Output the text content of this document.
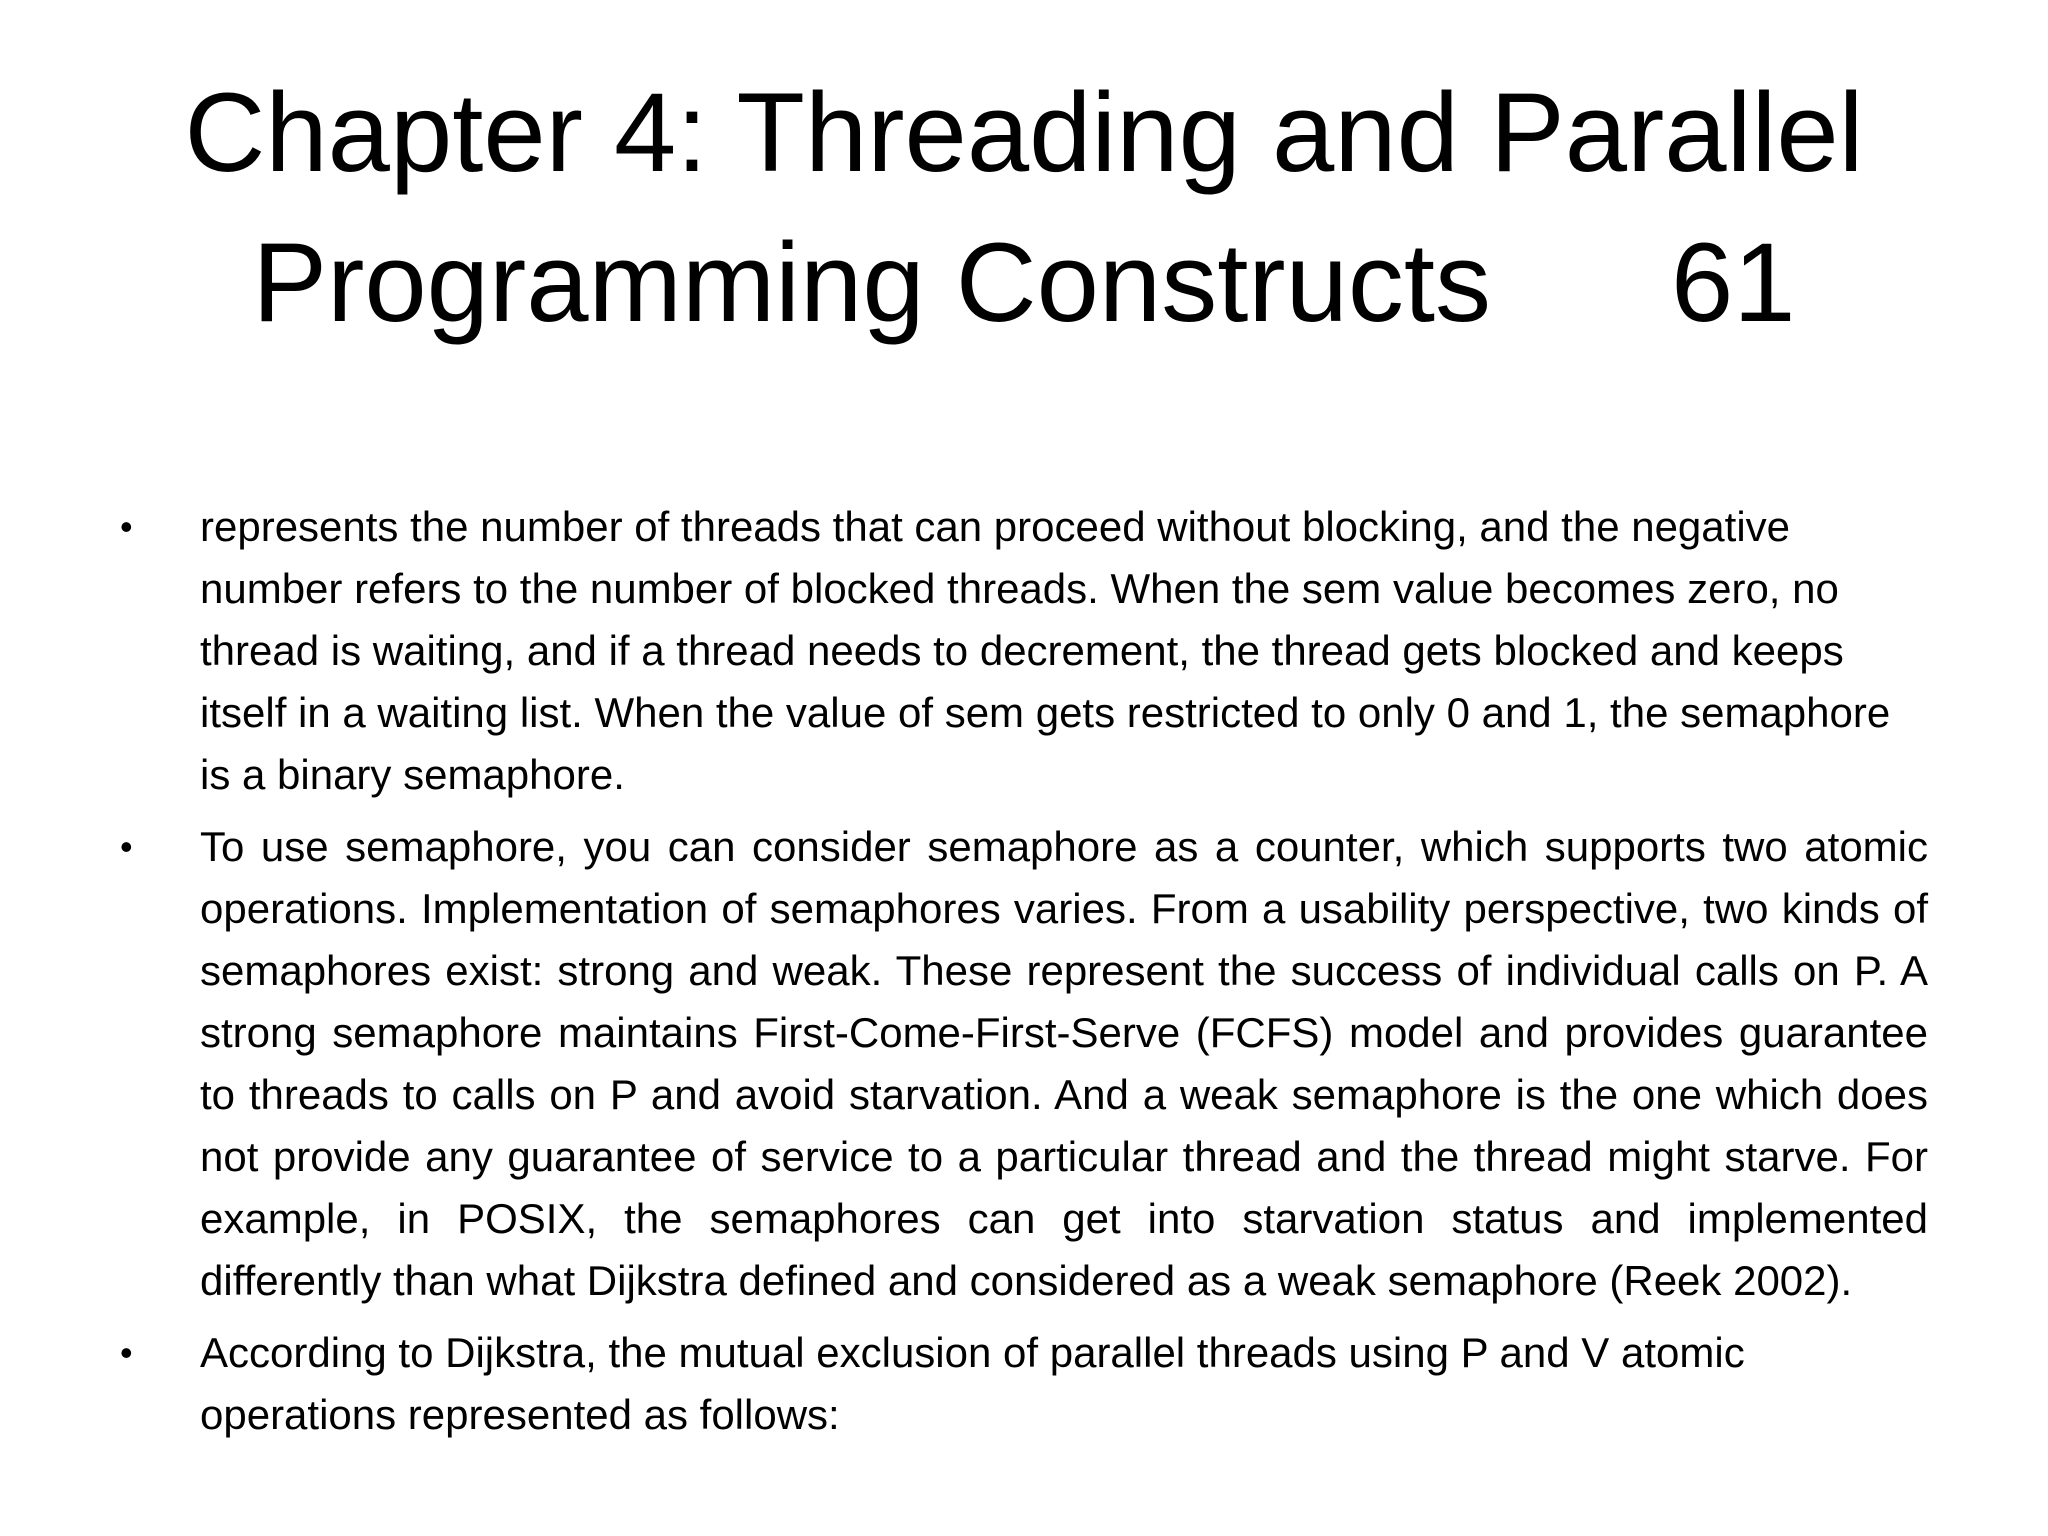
Chapter 4: Threading and Parallel
Programming Constructs 61
•	represents the number of threads that can proceed without blocking, and the negative number refers to the number of blocked threads. When the sem value becomes zero, no thread is waiting, and if a thread needs to decrement, the thread gets blocked and keeps itself in a waiting list. When the value of sem gets restricted to only 0 and 1, the semaphore is a binary semaphore.
•	To use semaphore, you can consider semaphore as a counter, which supports two atomic operations. Implementation of semaphores varies. From a usability perspective, two kinds of semaphores exist: strong and weak. These represent the success of individual calls on P. A strong semaphore maintains First-Come-First-Serve (FCFS) model and provides guarantee to threads to calls on P and avoid starvation. And a weak semaphore is the one which does not provide any guarantee of service to a particular thread and the thread might starve. For example, in POSIX, the semaphores can get into starvation status and implemented differently than what Dijkstra defined and considered as a weak semaphore (Reek 2002).
•	According to Dijkstra, the mutual exclusion of parallel threads using P and V atomic operations represented as follows:
